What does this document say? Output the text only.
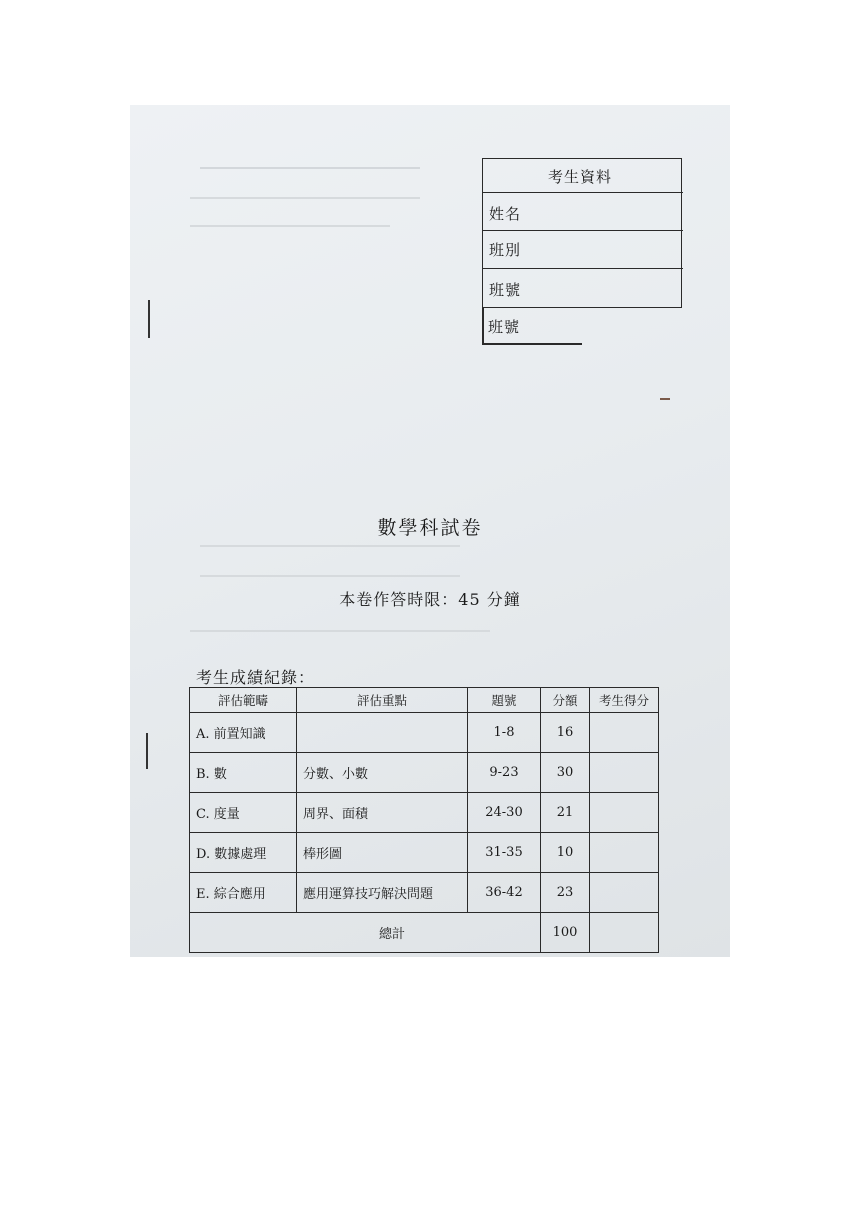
考生資料
姓名
班別
班號
班號
數學科試卷
本卷作答時限：45 分鐘
考生成績紀錄：
評估範疇	評估重點	題號	分額	考生得分
A. 前置知識		1-8	16	
B. 數	分數、小數	9-23	30	
C. 度量	周界、面積	24-30	21	
D. 數據處理	棒形圖	31-35	10	
E. 綜合應用	應用運算技巧解決問題	36-42	23	
總計			100	
